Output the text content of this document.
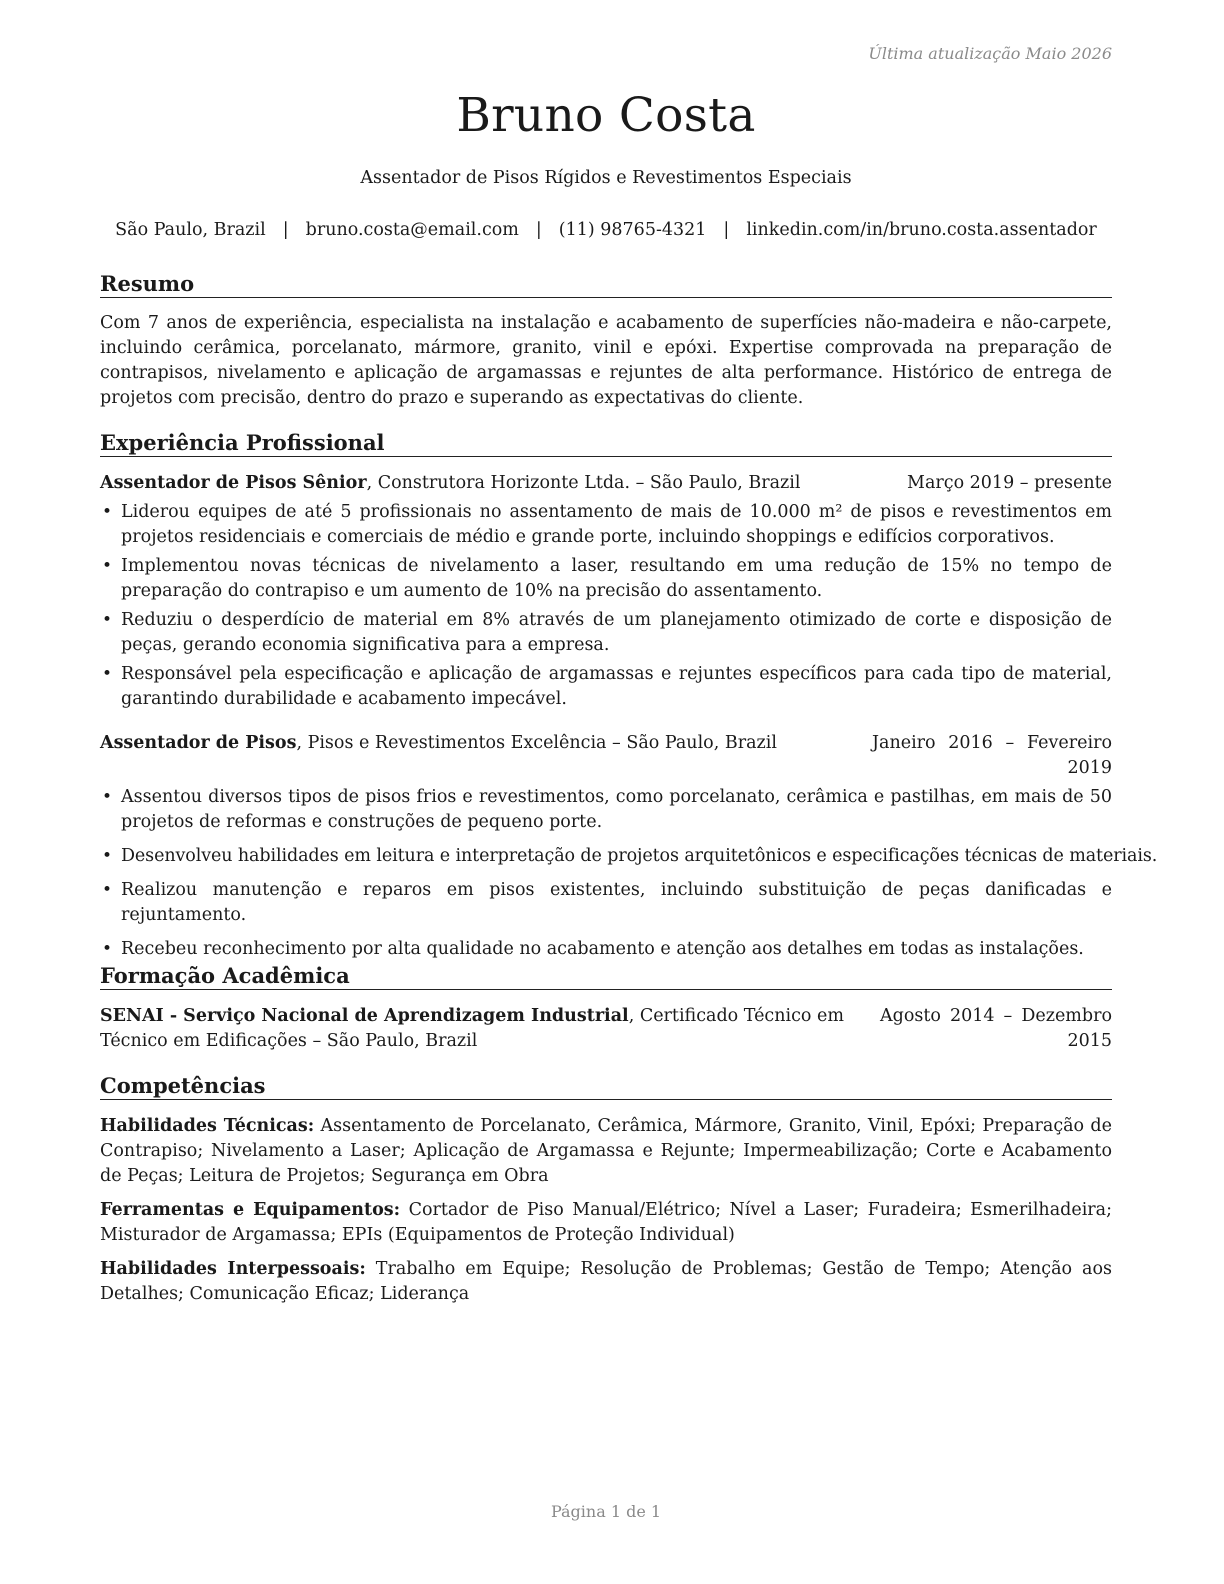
Última atualização Maio 2026
Bruno Costa
Assentador de Pisos Rígidos e Revestimentos Especiais
São Paulo, Brazil | bruno.costa@email.com | (11) 98765-4321 | linkedin.com/in/bruno.costa.assentador
Resumo

Com 7 anos de experiência, especialista na instalação e acabamento de superfícies não-madeira e não-carpete, incluindo cerâmica, porcelanato, mármore, granito, vinil e epóxi. Expertise comprovada na preparação de contrapisos, nivelamento e aplicação de argamassas e rejuntes de alta performance. Histórico de entrega de projetos com precisão, dentro do prazo e superando as expectativas do cliente.

Experiência Profissional
Assentador de Pisos Sênior, Construtora Horizonte Ltda. – São Paulo, Brazil	Março 2019 – presente
• Liderou equipes de até 5 profissionais no assentamento de mais de 10.000 m² de pisos e revestimentos em projetos residenciais e comerciais de médio e grande porte, incluindo shoppings e edifícios corporativos.
• Implementou novas técnicas de nivelamento a laser, resultando em uma redução de 15% no tempo de preparação do contrapiso e um aumento de 10% na precisão do assentamento.
• Reduziu o desperdício de material em 8% através de um planejamento otimizado de corte e disposição de peças, gerando economia significativa para a empresa.
• Responsável pela especificação e aplicação de argamassas e rejuntes específicos para cada tipo de material, garantindo durabilidade e acabamento impecável.
Assentador de Pisos, Pisos e Revestimentos Excelência – São Paulo, Brazil	Janeiro 2016 – Fevereiro 2019
• Assentou diversos tipos de pisos frios e revestimentos, como porcelanato, cerâmica e pastilhas, em mais de 50 projetos de reformas e construções de pequeno porte.
• Desenvolveu habilidades em leitura e interpretação de projetos arquitetônicos e especificações técnicas de materiais.
• Realizou manutenção e reparos em pisos existentes, incluindo substituição de peças danificadas e rejuntamento.
• Recebeu reconhecimento por alta qualidade no acabamento e atenção aos detalhes em todas as instalações.
Formação Acadêmica
SENAI - Serviço Nacional de Aprendizagem Industrial, Certificado Técnico em Técnico em Edificações – São Paulo, Brazil
Agosto 2014 – Dezembro 2015
Competências

Habilidades Técnicas: Assentamento de Porcelanato, Cerâmica, Mármore, Granito, Vinil, Epóxi; Preparação de Contrapiso; Nivelamento a Laser; Aplicação de Argamassa e Rejunte; Impermeabilização; Corte e Acabamento de Peças; Leitura de Projetos; Segurança em Obra

Ferramentas e Equipamentos: Cortador de Piso Manual/Elétrico; Nível a Laser; Furadeira; Esmerilhadeira; Misturador de Argamassa; EPIs (Equipamentos de Proteção Individual)

Habilidades Interpessoais: Trabalho em Equipe; Resolução de Problemas; Gestão de Tempo; Atenção aos Detalhes; Comunicação Eficaz; Liderança

Página 1 de 1
